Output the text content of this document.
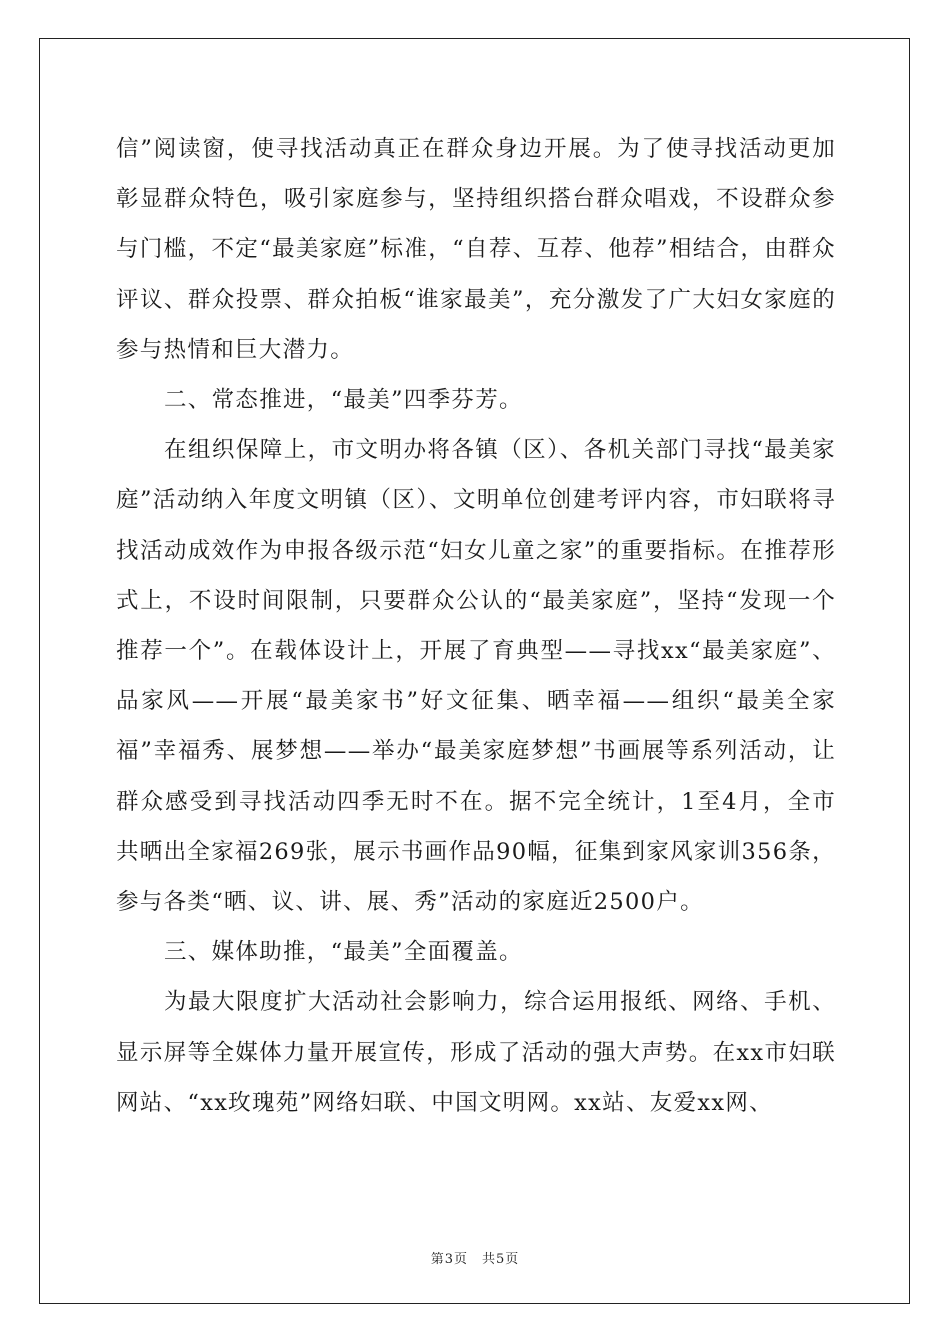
信”阅读窗，使寻找活动真正在群众身边开展。为了使寻找活动更加彰显群众特色，吸引家庭参与，坚持组织搭台群众唱戏，不设群众参与门槛，不定“最美家庭”标准，“自荐、互荐、他荐”相结合，由群众评议、群众投票、群众拍板“谁家最美”，充分激发了广大妇女家庭的参与热情和巨大潜力。

二、常态推进，“最美”四季芬芳。

在组织保障上，市文明办将各镇（区）、各机关部门寻找“最美家庭”活动纳入年度文明镇（区）、文明单位创建考评内容，市妇联将寻找活动成效作为申报各级示范“妇女儿童之家”的重要指标。在推荐形式上，不设时间限制，只要群众公认的“最美家庭”，坚持“发现一个推荐一个”。在载体设计上，开展了育典型——寻找xx“最美家庭”、品家风——开展“最美家书”好文征集、晒幸福——组织“最美全家福”幸福秀、展梦想——举办“最美家庭梦想”书画展等系列活动，让群众感受到寻找活动四季无时不在。据不完全统计，1至4月，全市共晒出全家福269张，展示书画作品90幅，征集到家风家训356条，参与各类“晒、议、讲、展、秀”活动的家庭近2500户。

三、媒体助推，“最美”全面覆盖。

为最大限度扩大活动社会影响力，综合运用报纸、网络、手机、显示屏等全媒体力量开展宣传，形成了活动的强大声势。在xx市妇联网站、“xx玫瑰苑”网络妇联、中国文明网。xx站、友爱xx网、

第3页 共5页
